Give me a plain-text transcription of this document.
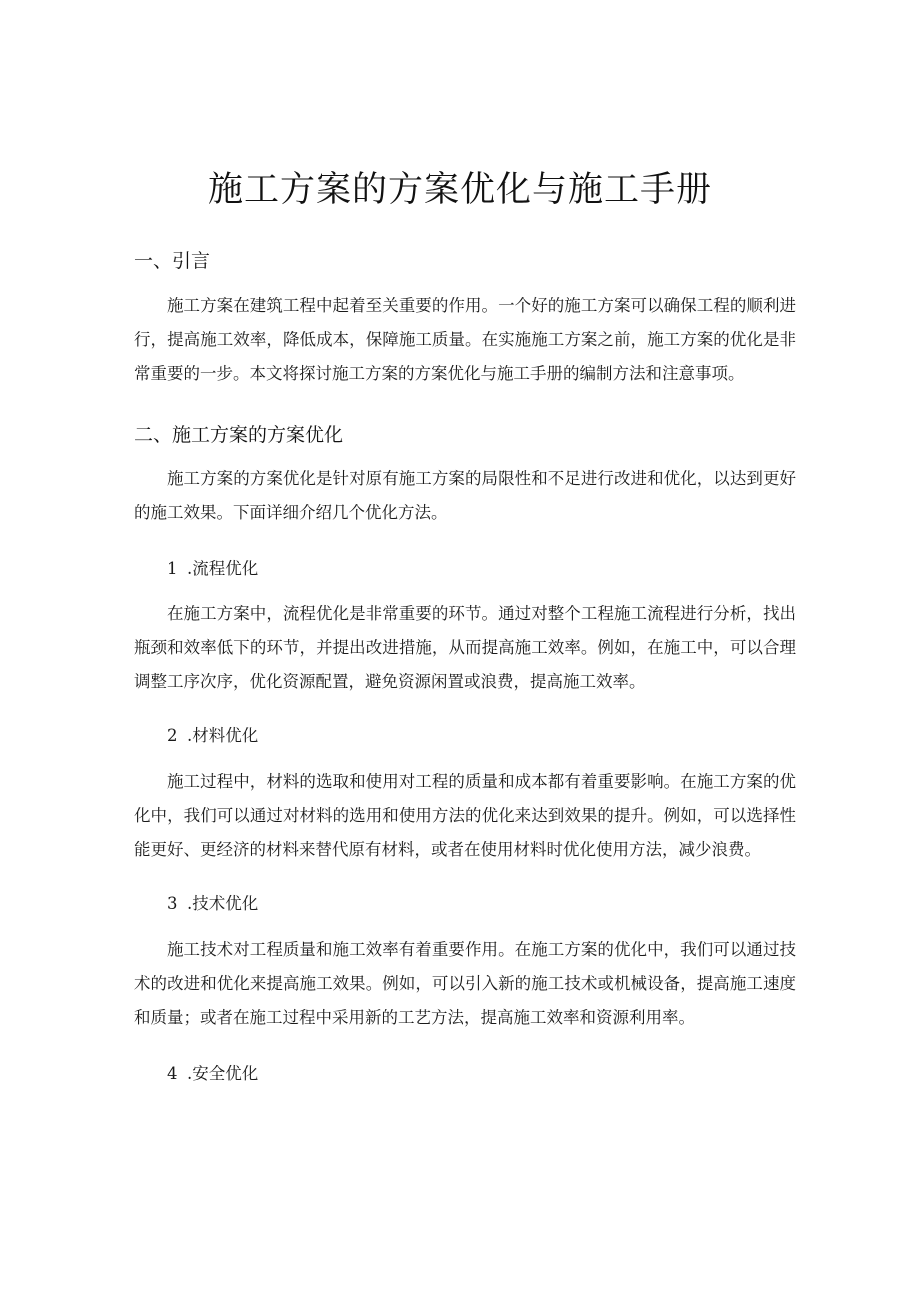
施工方案的方案优化与施工手册
一、引言

施工方案在建筑工程中起着至关重要的作用。一个好的施工方案可以确保工程的顺利进行，提高施工效率，降低成本，保障施工质量。在实施施工方案之前，施工方案的优化是非常重要的一步。本文将探讨施工方案的方案优化与施工手册的编制方法和注意事项。

二、施工方案的方案优化

施工方案的方案优化是针对原有施工方案的局限性和不足进行改进和优化，以达到更好的施工效果。下面详细介绍几个优化方法。

1 .流程优化

在施工方案中，流程优化是非常重要的环节。通过对整个工程施工流程进行分析，找出瓶颈和效率低下的环节，并提出改进措施，从而提高施工效率。例如，在施工中，可以合理调整工序次序，优化资源配置，避免资源闲置或浪费，提高施工效率。

2 .材料优化

施工过程中，材料的选取和使用对工程的质量和成本都有着重要影响。在施工方案的优化中，我们可以通过对材料的选用和使用方法的优化来达到效果的提升。例如，可以选择性能更好、更经济的材料来替代原有材料，或者在使用材料时优化使用方法，减少浪费。

3 .技术优化

施工技术对工程质量和施工效率有着重要作用。在施工方案的优化中，我们可以通过技术的改进和优化来提高施工效果。例如，可以引入新的施工技术或机械设备，提高施工速度和质量；或者在施工过程中采用新的工艺方法，提高施工效率和资源利用率。

4 .安全优化
